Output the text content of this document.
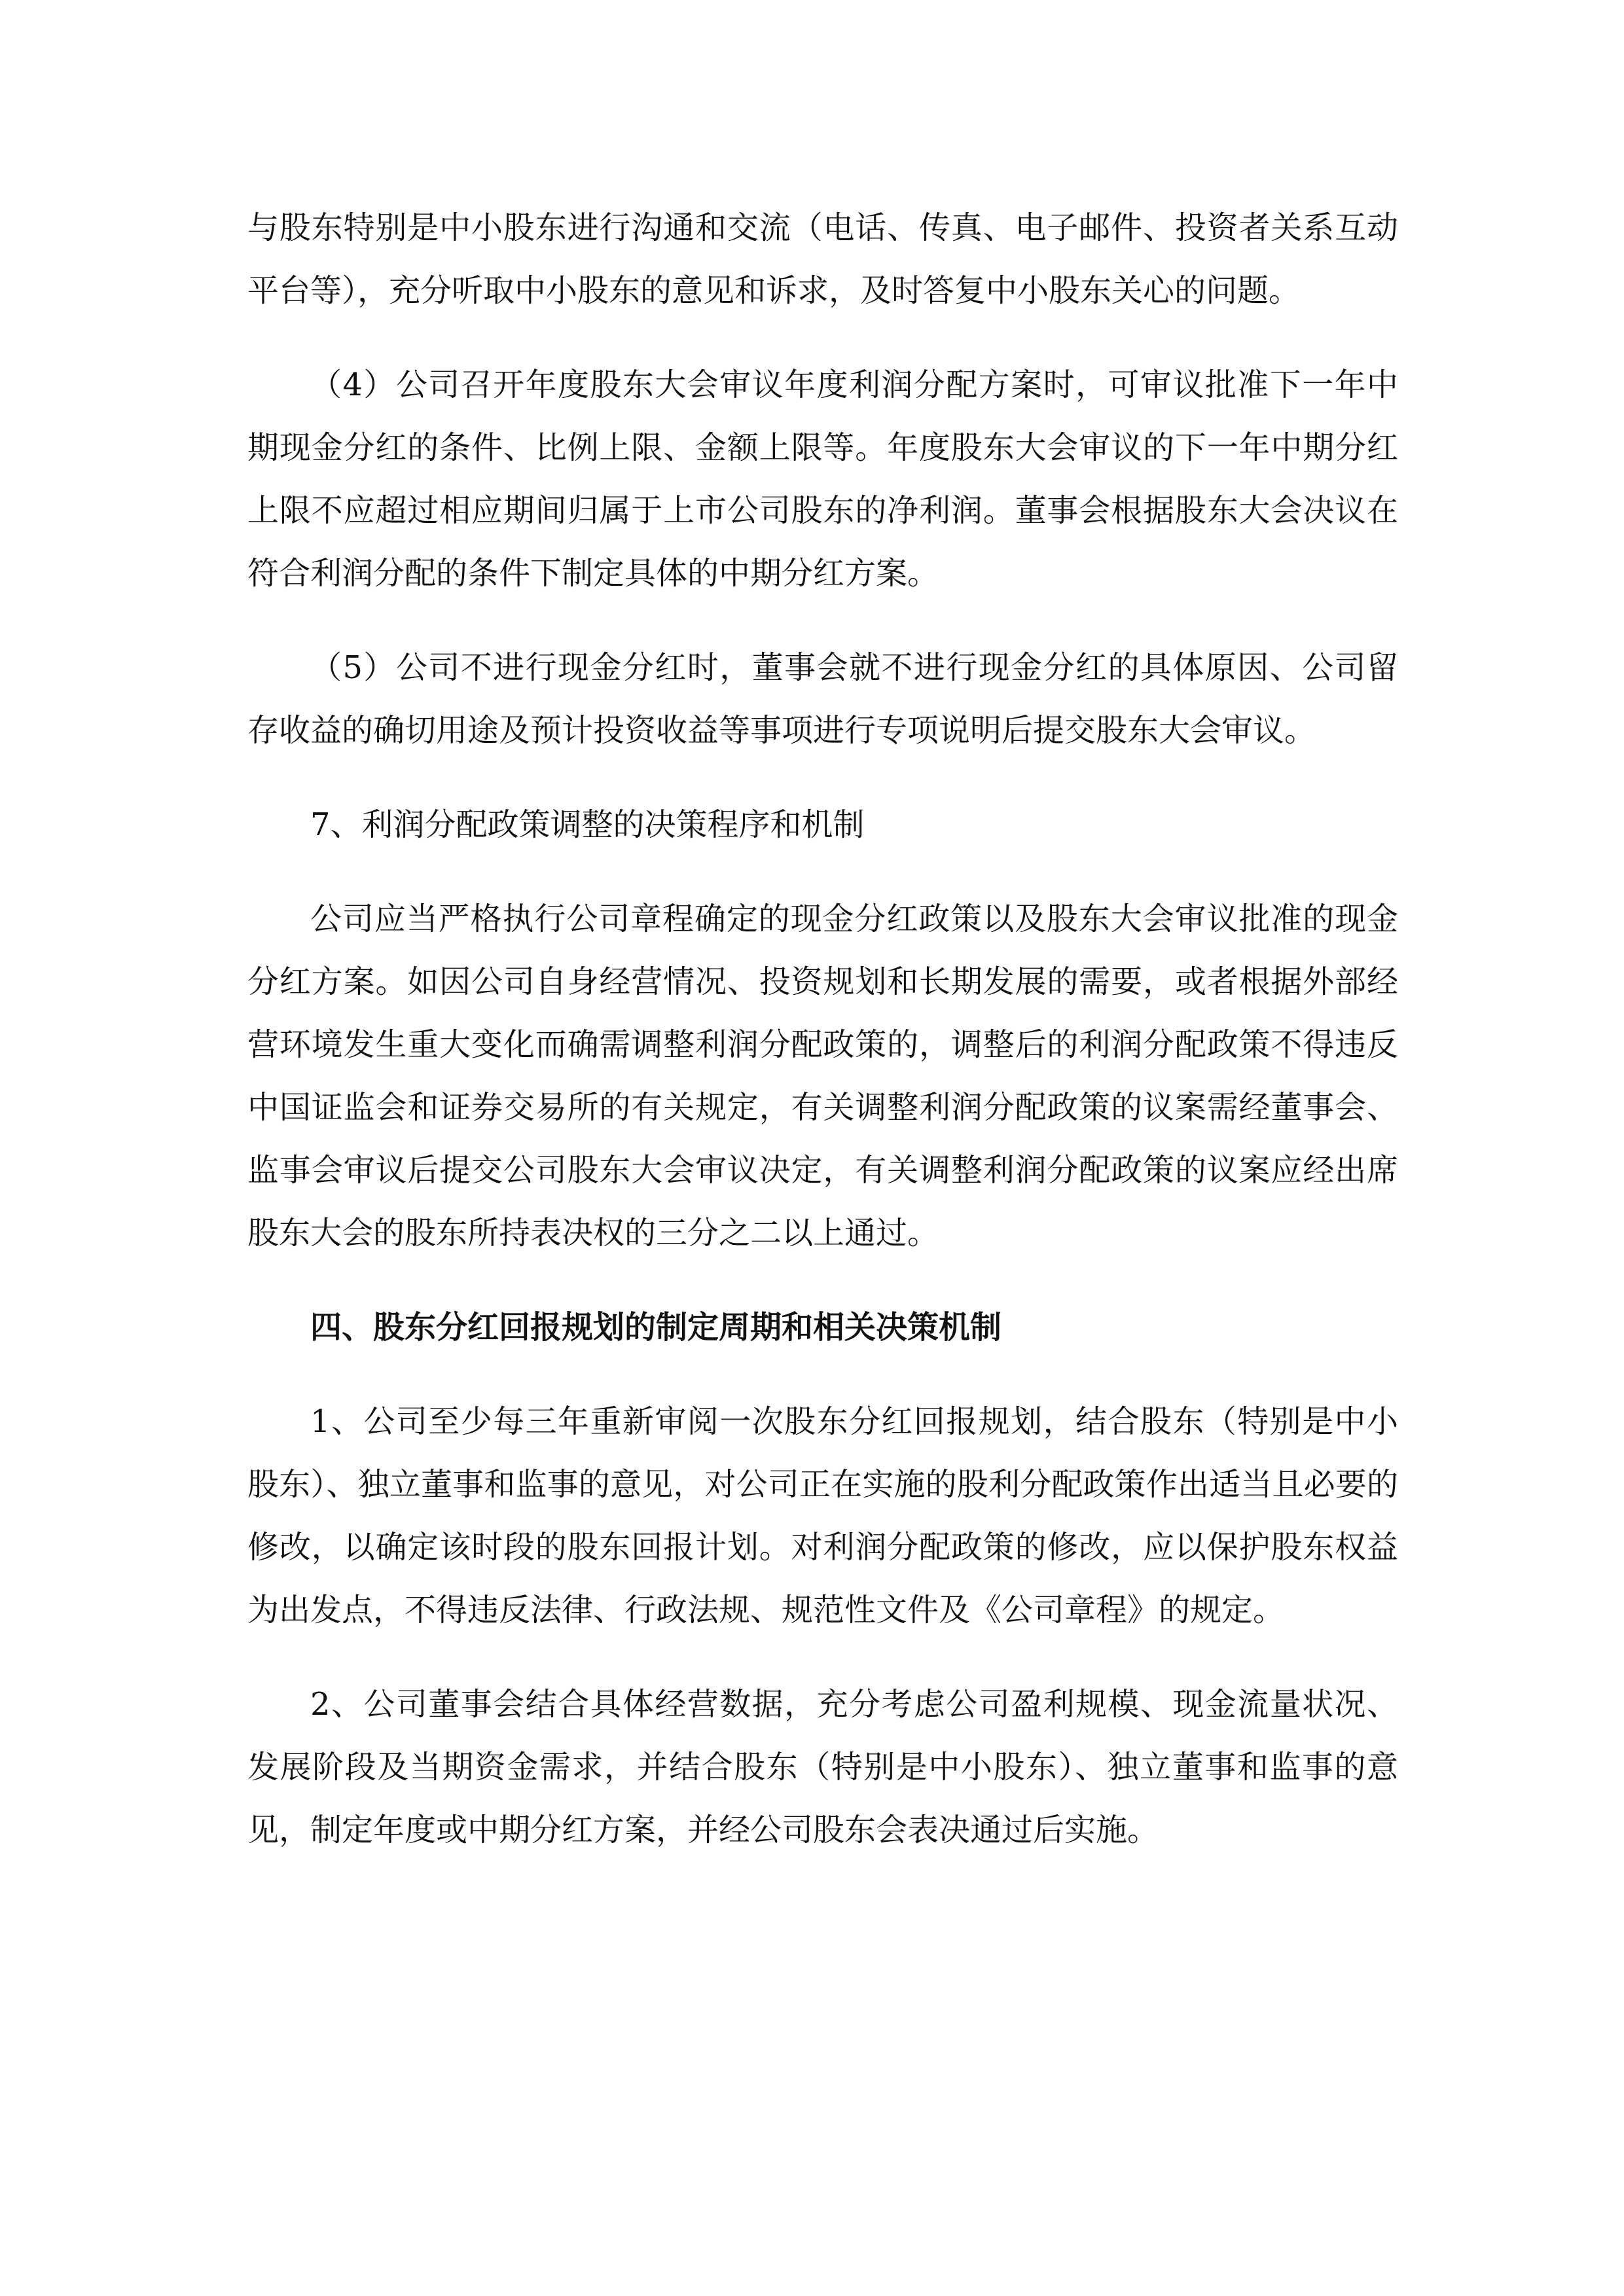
与股东特别是中小股东进行沟通和交流（电话、传真、电子邮件、投资者关系互动平台等），充分听取中小股东的意见和诉求，及时答复中小股东关心的问题。

（4）公司召开年度股东大会审议年度利润分配方案时，可审议批准下一年中期现金分红的条件、比例上限、金额上限等。年度股东大会审议的下一年中期分红上限不应超过相应期间归属于上市公司股东的净利润。董事会根据股东大会决议在符合利润分配的条件下制定具体的中期分红方案。

（5）公司不进行现金分红时，董事会就不进行现金分红的具体原因、公司留存收益的确切用途及预计投资收益等事项进行专项说明后提交股东大会审议。

7、利润分配政策调整的决策程序和机制

公司应当严格执行公司章程确定的现金分红政策以及股东大会审议批准的现金分红方案。如因公司自身经营情况、投资规划和长期发展的需要，或者根据外部经营环境发生重大变化而确需调整利润分配政策的，调整后的利润分配政策不得违反中国证监会和证券交易所的有关规定，有关调整利润分配政策的议案需经董事会、监事会审议后提交公司股东大会审议决定，有关调整利润分配政策的议案应经出席股东大会的股东所持表决权的三分之二以上通过。

四、股东分红回报规划的制定周期和相关决策机制

1、公司至少每三年重新审阅一次股东分红回报规划，结合股东（特别是中小股东）、独立董事和监事的意见，对公司正在实施的股利分配政策作出适当且必要的修改，以确定该时段的股东回报计划。对利润分配政策的修改，应以保护股东权益为出发点，不得违反法律、行政法规、规范性文件及《公司章程》的规定。

2、公司董事会结合具体经营数据，充分考虑公司盈利规模、现金流量状况、发展阶段及当期资金需求，并结合股东（特别是中小股东）、独立董事和监事的意见，制定年度或中期分红方案，并经公司股东会表决通过后实施。
